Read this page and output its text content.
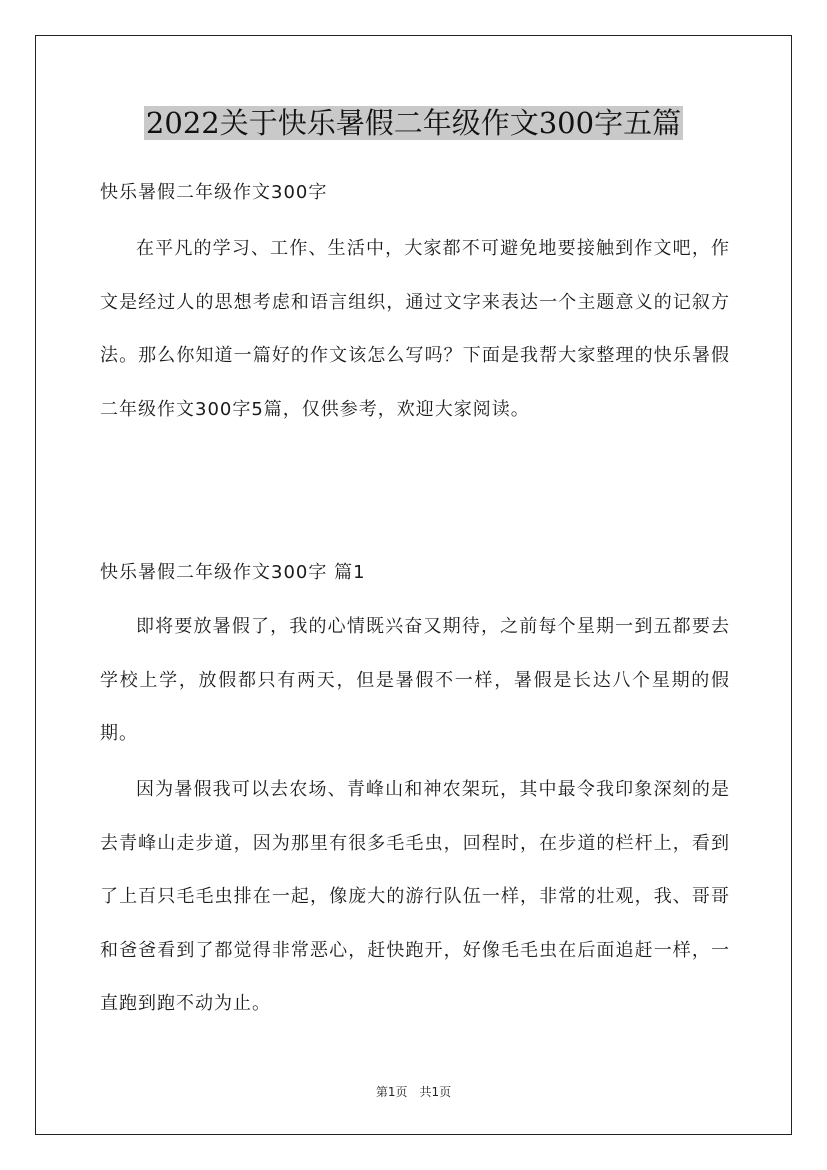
2022关于快乐暑假二年级作文300字五篇
快乐暑假二年级作文300字

在平凡的学习、工作、生活中，大家都不可避免地要接触到作文吧，作文是经过人的思想考虑和语言组织，通过文字来表达一个主题意义的记叙方法。那么你知道一篇好的作文该怎么写吗？下面是我帮大家整理的快乐暑假二年级作文300字5篇，仅供参考，欢迎大家阅读。

快乐暑假二年级作文300字 篇1

即将要放暑假了，我的心情既兴奋又期待，之前每个星期一到五都要去学校上学，放假都只有两天，但是暑假不一样，暑假是长达八个星期的假期。

因为暑假我可以去农场、青峰山和神农架玩，其中最令我印象深刻的是去青峰山走步道，因为那里有很多毛毛虫，回程时，在步道的栏杆上，看到了上百只毛毛虫排在一起，像庞大的游行队伍一样，非常的壮观，我、哥哥和爸爸看到了都觉得非常恶心，赶快跑开，好像毛毛虫在后面追赶一样，一直跑到跑不动为止。

第1页　共1页
